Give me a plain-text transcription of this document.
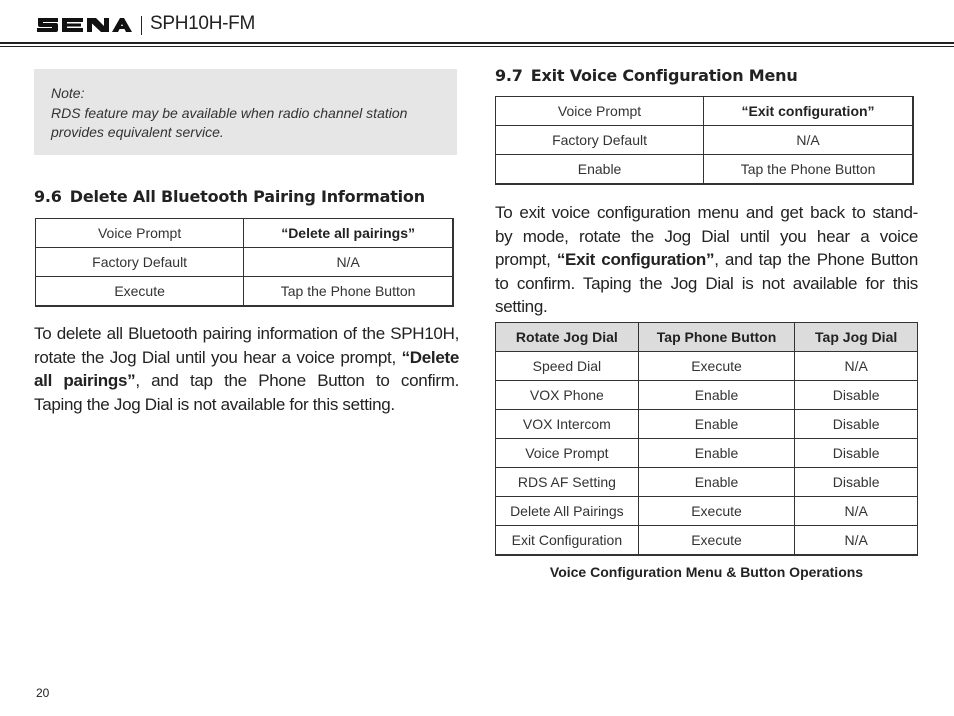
SPH10H-FM
Note:
RDS feature may be available when radio channel station provides equivalent service.
9.6 Delete All Bluetooth Pairing Information
Voice Prompt	“Delete all pairings”
Factory Default	N/A
Execute	Tap the Phone Button
To delete all Bluetooth pairing information of the SPH10H,
rotate the Jog Dial until you hear a voice prompt, “Delete
all pairings”, and tap the Phone Button to confirm.
Taping the Jog Dial is not available for this setting.
9.7 Exit Voice Configuration Menu
Voice Prompt	“Exit configuration”
Factory Default	N/A
Enable	Tap the Phone Button
To exit voice configuration menu and get back to stand-
by mode, rotate the Jog Dial until you hear a voice
prompt, “Exit configuration”, and tap the Phone Button
to confirm. Taping the Jog Dial is not available for this
setting.
Rotate Jog Dial	Tap Phone Button	Tap Jog Dial
Speed Dial	Execute	N/A
VOX Phone	Enable	Disable
VOX Intercom	Enable	Disable
Voice Prompt	Enable	Disable
RDS AF Setting	Enable	Disable
Delete All Pairings	Execute	N/A
Exit Configuration	Execute	N/A
Voice Configuration Menu & Button Operations
20
